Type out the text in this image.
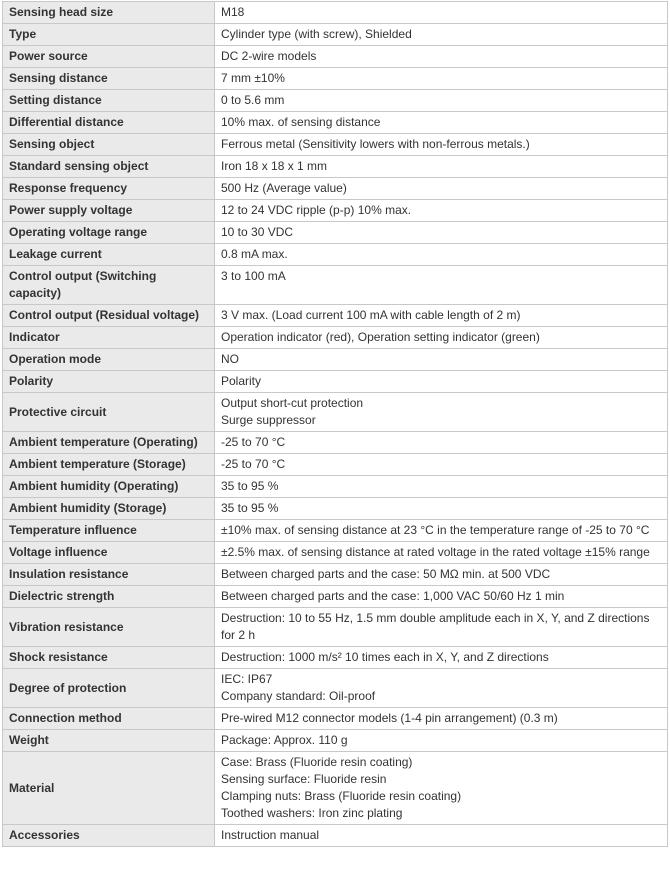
Sensing head size	M18

Type	Cylinder type (with screw), Shielded

Power source	DC 2-wire models

Sensing distance	7 mm ±10%

Setting distance	0 to 5.6 mm

Differential distance	10% max. of sensing distance

Sensing object	Ferrous metal (Sensitivity lowers with non-ferrous metals.)

Standard sensing object	Iron 18 x 18 x 1 mm

Response frequency	500 Hz (Average value)

Power supply voltage	12 to 24 VDC ripple (p-p) 10% max.

Operating voltage range	10 to 30 VDC

Leakage current	0.8 mA max.

Control output (Switching capacity)	3 to 100 mA

Control output (Residual voltage)	3 V max. (Load current 100 mA with cable length of 2 m)

Indicator	Operation indicator (red), Operation setting indicator (green)

Operation mode	NO

Polarity	Polarity

Protective circuit	Output short-cut protection
Surge suppressor

Ambient temperature (Operating)	-25 to 70 °C

Ambient temperature (Storage)	-25 to 70 °C

Ambient humidity (Operating)	35 to 95 %

Ambient humidity (Storage)	35 to 95 %

Temperature influence	±10% max. of sensing distance at 23 °C in the temperature range of -25 to 70 °C

Voltage influence	±2.5% max. of sensing distance at rated voltage in the rated voltage ±15% range

Insulation resistance	Between charged parts and the case: 50 MΩ min. at 500 VDC

Dielectric strength	Between charged parts and the case: 1,000 VAC 50/60 Hz 1 min

Vibration resistance	Destruction: 10 to 55 Hz, 1.5 mm double amplitude each in X, Y, and Z directions for 2 h

Shock resistance	Destruction: 1000 m/s² 10 times each in X, Y, and Z directions

Degree of protection	IEC: IP67
Company standard: Oil-proof

Connection method	Pre-wired M12 connector models (1-4 pin arrangement) (0.3 m)

Weight	Package: Approx. 110 g

Material	Case: Brass (Fluoride resin coating)
Sensing surface: Fluoride resin
Clamping nuts: Brass (Fluoride resin coating)
Toothed washers: Iron zinc plating

Accessories	Instruction manual
